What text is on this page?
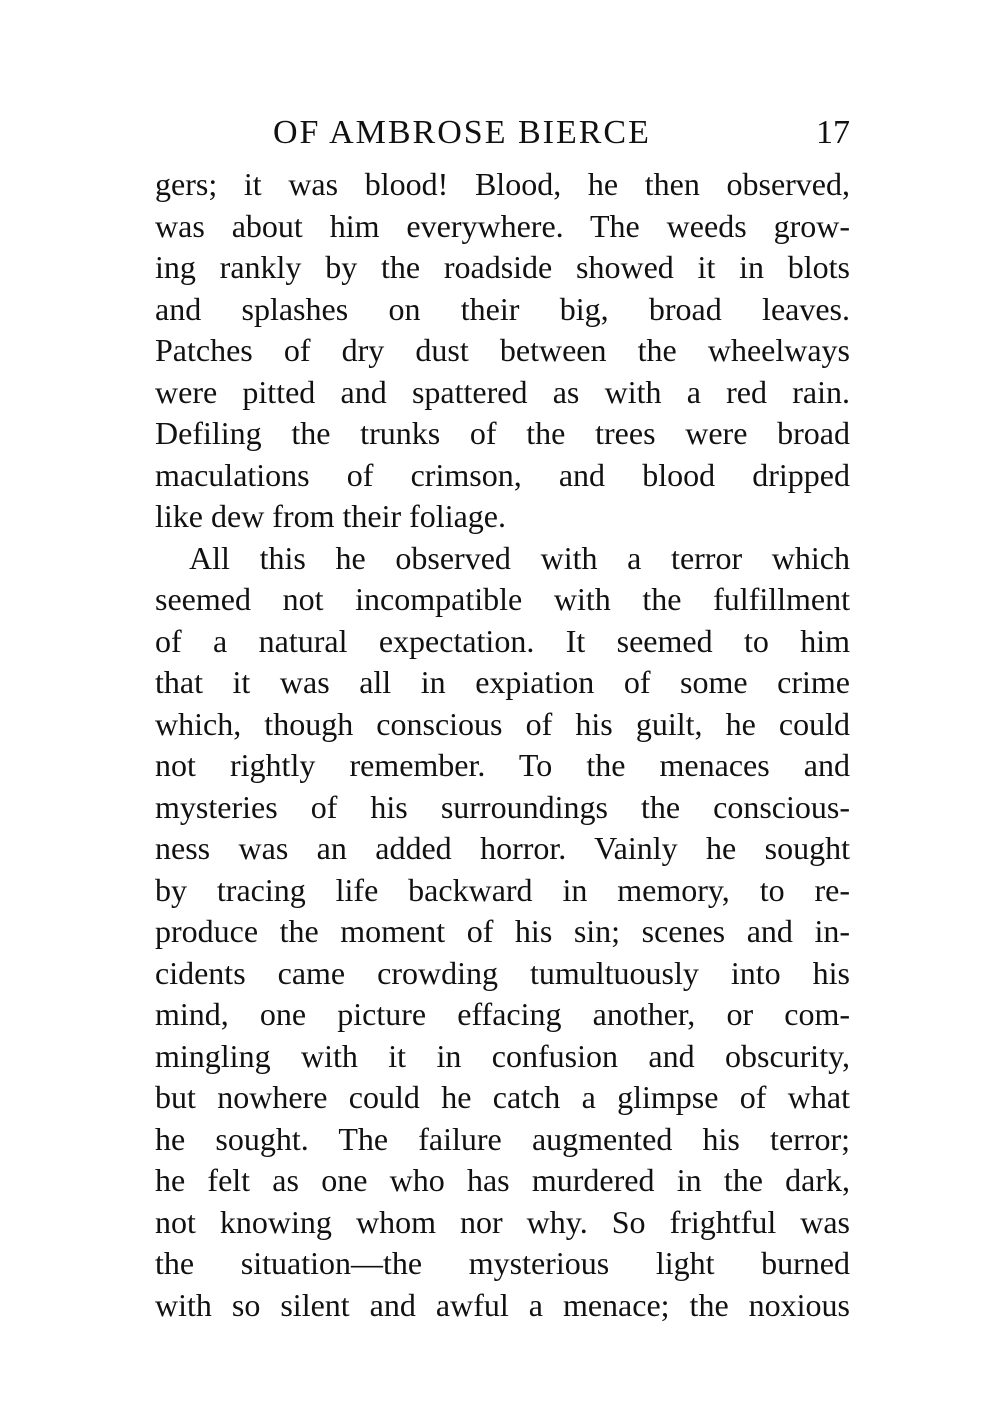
OF AMBROSE BIERCE	17
gers; it was blood! Blood, he then observed,
was about him everywhere. The weeds grow-
ing rankly by the roadside showed it in blots
and splashes on their big, broad leaves.
Patches of dry dust between the wheelways
were pitted and spattered as with a red rain.
Defiling the trunks of the trees were broad
maculations of crimson, and blood dripped
like dew from their foliage.
All this he observed with a terror which
seemed not incompatible with the fulfillment
of a natural expectation. It seemed to him
that it was all in expiation of some crime
which, though conscious of his guilt, he could
not rightly remember. To the menaces and
mysteries of his surroundings the conscious-
ness was an added horror. Vainly he sought
by tracing life backward in memory, to re-
produce the moment of his sin; scenes and in-
cidents came crowding tumultuously into his
mind, one picture effacing another, or com-
mingling with it in confusion and obscurity,
but nowhere could he catch a glimpse of what
he sought. The failure augmented his terror;
he felt as one who has murdered in the dark,
not knowing whom nor why. So frightful was
the situation—the mysterious light burned
with so silent and awful a menace; the noxious
